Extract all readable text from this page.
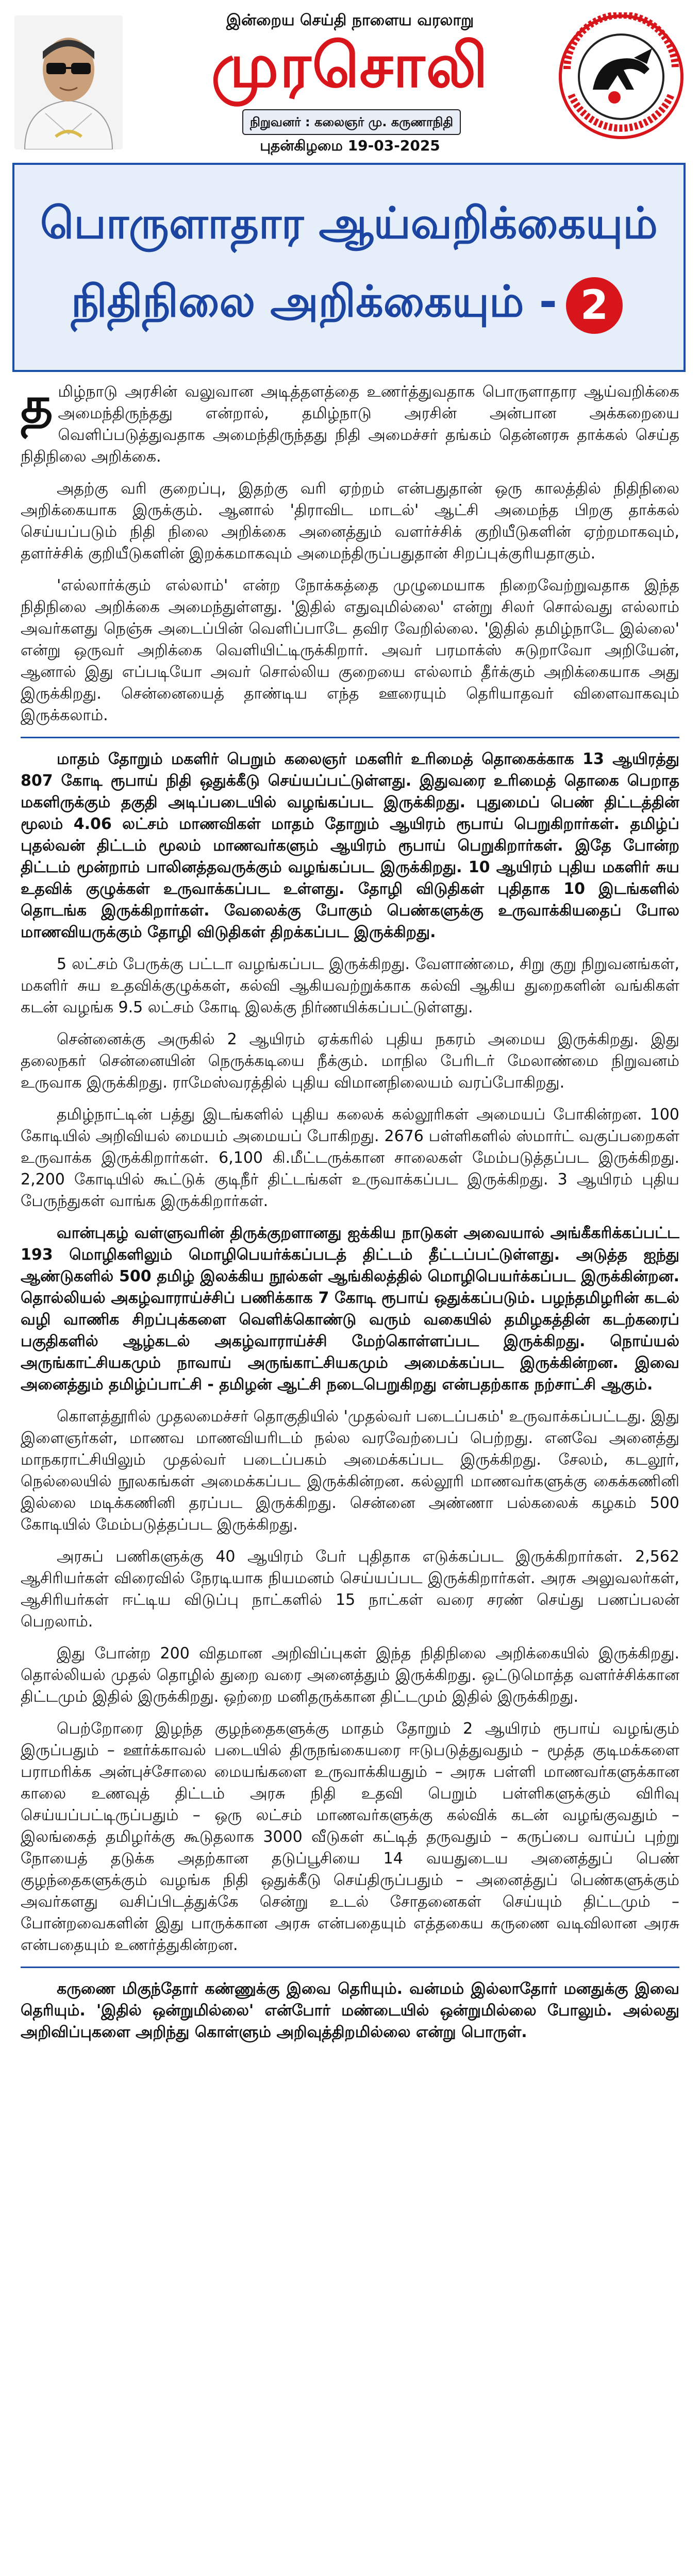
இன்றைய செய்தி நாளைய வரலாறு
முரசொலி
நிறுவனர் : கலைஞர் மு. கருணாநிதி
புதன்கிழமை 19-03-2025
பொருளாதார ஆய்வறிக்கையும்
நிதிநிலை அறிக்கையும் - 2

தமிழ்நாடு அரசின் வலுவான அடித்தளத்தை உணர்த்துவதாக பொருளாதார ஆய்வறிக்கை அமைந்திருந்தது என்றால், தமிழ்நாடு அரசின் அன்பான அக்கறையை வெளிப்படுத்துவதாக அமைந்திருந்தது நிதி அமைச்சர் தங்கம் தென்னரசு தாக்கல் செய்த நிதிநிலை அறிக்கை.

அதற்கு வரி குறைப்பு, இதற்கு வரி ஏற்றம் என்பதுதான் ஒரு காலத்தில் நிதிநிலை அறிக்கையாக இருக்கும். ஆனால் 'திராவிட மாடல்' ஆட்சி அமைந்த பிறகு தாக்கல் செய்யப்படும் நிதி நிலை அறிக்கை அனைத்தும் வளர்ச்சிக் குறியீடுகளின் ஏற்றமாகவும், தளர்ச்சிக் குறியீடுகளின் இறக்கமாகவும் அமைந்திருப்பதுதான் சிறப்புக்குரியதாகும்.

'எல்லார்க்கும் எல்லாம்' என்ற நோக்கத்தை முழுமையாக நிறைவேற்றுவதாக இந்த நிதிநிலை அறிக்கை அமைந்துள்ளது. 'இதில் எதுவுமில்லை' என்று சிலர் சொல்வது எல்லாம் அவர்களது நெஞ்சு அடைப்பின் வெளிப்பாடே தவிர வேறில்லை. 'இதில் தமிழ்நாடே இல்லை' என்று ஒருவர் அறிக்கை வெளியிட்டிருக்கிறார். அவர் பரமாக்ஸ் சுடுறாவோ அறியேன், ஆனால் இது எப்படியோ அவர் சொல்லிய குறையை எல்லாம் தீர்க்கும் அறிக்கையாக அது இருக்கிறது. சென்னையைத் தாண்டிய எந்த ஊரையும் தெரியாதவர் விளைவாகவும் இருக்கலாம்.

மாதம் தோறும் மகளிர் பெறும் கலைஞர் மகளிர் உரிமைத் தொகைக்காக 13 ஆயிரத்து 807 கோடி ரூபாய் நிதி ஒதுக்கீடு செய்யப்பட்டுள்ளது. இதுவரை உரிமைத் தொகை பெறாத மகளிருக்கும் தகுதி அடிப்படையில் வழங்கப்பட இருக்கிறது. புதுமைப் பெண் திட்டத்தின் மூலம் 4.06 லட்சம் மாணவிகள் மாதம் தோறும் ஆயிரம் ரூபாய் பெறுகிறார்கள். தமிழ்ப் புதல்வன் திட்டம் மூலம் மாணவர்களும் ஆயிரம் ரூபாய் பெறுகிறார்கள். இதே போன்ற திட்டம் மூன்றாம் பாலினத்தவருக்கும் வழங்கப்பட இருக்கிறது. 10 ஆயிரம் புதிய மகளிர் சுய உதவிக் குழுக்கள் உருவாக்கப்பட உள்ளது. தோழி விடுதிகள் புதிதாக 10 இடங்களில் தொடங்க இருக்கிறார்கள். வேலைக்கு போகும் பெண்களுக்கு உருவாக்கியதைப் போல மாணவியருக்கும் தோழி விடுதிகள் திறக்கப்பட இருக்கிறது.

5 லட்சம் பேருக்கு பட்டா வழங்கப்பட இருக்கிறது. வேளாண்மை, சிறு குறு நிறுவனங்கள், மகளிர் சுய உதவிக்குழுக்கள், கல்வி ஆகியவற்றுக்காக கல்வி ஆகிய துறைகளின் வங்கிகள் கடன் வழங்க 9.5 லட்சம் கோடி இலக்கு நிர்ணயிக்கப்பட்டுள்ளது.

சென்னைக்கு அருகில் 2 ஆயிரம் ஏக்கரில் புதிய நகரம் அமைய இருக்கிறது. இது தலைநகர் சென்னையின் நெருக்கடியை நீக்கும். மாநில பேரிடர் மேலாண்மை நிறுவனம் உருவாக இருக்கிறது. ராமேஸ்வரத்தில் புதிய விமானநிலையம் வரப்போகிறது.

தமிழ்நாட்டின் பத்து இடங்களில் புதிய கலைக் கல்லூரிகள் அமையப் போகின்றன. 100 கோடியில் அறிவியல் மையம் அமையப் போகிறது. 2676 பள்ளிகளில் ஸ்மார்ட் வகுப்பறைகள் உருவாக்க இருக்கிறார்கள். 6,100 கி.மீட்டருக்கான சாலைகள் மேம்படுத்தப்பட இருக்கிறது. 2,200 கோடியில் கூட்டுக் குடிநீர் திட்டங்கள் உருவாக்கப்பட இருக்கிறது. 3 ஆயிரம் புதிய பேருந்துகள் வாங்க இருக்கிறார்கள்.

வான்புகழ் வள்ளுவரின் திருக்குறளானது ஐக்கிய நாடுகள் அவையால் அங்கீகரிக்கப்பட்ட 193 மொழிகளிலும் மொழிபெயர்க்கப்படத் திட்டம் தீட்டப்பட்டுள்ளது. அடுத்த ஐந்து ஆண்டுகளில் 500 தமிழ் இலக்கிய நூல்கள் ஆங்கிலத்தில் மொழிபெயர்க்கப்பட இருக்கின்றன. தொல்லியல் அகழ்வாராய்ச்சிப் பணிக்காக 7 கோடி ரூபாய் ஒதுக்கப்படும். பழந்தமிழரின் கடல் வழி வாணிக சிறப்புக்களை வெளிக்கொண்டு வரும் வகையில் தமிழகத்தின் கடற்கரைப் பகுதிகளில் ஆழ்கடல் அகழ்வாராய்ச்சி மேற்கொள்ளப்பட இருக்கிறது. நொய்யல் அருங்காட்சியகமும் நாவாய் அருங்காட்சியகமும் அமைக்கப்பட இருக்கின்றன. இவை அனைத்தும் தமிழ்ப்பாட்சி - தமிழன் ஆட்சி நடைபெறுகிறது என்பதற்காக நற்சாட்சி ஆகும்.

கொளத்தூரில் முதலமைச்சர் தொகுதியில் 'முதல்வர் படைப்பகம்' உருவாக்கப்பட்டது. இது இளைஞர்கள், மாணவ மாணவியரிடம் நல்ல வரவேற்பைப் பெற்றது. எனவே அனைத்து மாநகராட்சியிலும் முதல்வர் படைப்பகம் அமைக்கப்பட இருக்கிறது. சேலம், கடலூர், நெல்லையில் நூலகங்கள் அமைக்கப்பட இருக்கின்றன. கல்லூரி மாணவர்களுக்கு கைக்கணினி இல்லை மடிக்கணினி தரப்பட இருக்கிறது. சென்னை அண்ணா பல்கலைக் கழகம் 500 கோடியில் மேம்படுத்தப்பட இருக்கிறது.

அரசுப் பணிகளுக்கு 40 ஆயிரம் பேர் புதிதாக எடுக்கப்பட இருக்கிறார்கள். 2,562 ஆசிரியர்கள் விரைவில் நேரடியாக நியமனம் செய்யப்பட இருக்கிறார்கள். அரசு அலுவலர்கள், ஆசிரியர்கள் ஈட்டிய விடுப்பு நாட்களில் 15 நாட்கள் வரை சரண் செய்து பணப்பலன் பெறலாம்.

இது போன்ற 200 விதமான அறிவிப்புகள் இந்த நிதிநிலை அறிக்கையில் இருக்கிறது. தொல்லியல் முதல் தொழில் துறை வரை அனைத்தும் இருக்கிறது. ஒட்டுமொத்த வளர்ச்சிக்கான திட்டமும் இதில் இருக்கிறது. ஒற்றை மனிதருக்கான திட்டமும் இதில் இருக்கிறது.

பெற்றோரை இழந்த குழந்தைகளுக்கு மாதம் தோறும் 2 ஆயிரம் ரூபாய் வழங்கும் இருப்பதும் – ஊர்க்காவல் படையில் திருநங்கையரை ஈடுபடுத்துவதும் – மூத்த குடிமக்களை பராமரிக்க அன்புச்சோலை மையங்களை உருவாக்கியதும் – அரசு பள்ளி மாணவர்களுக்கான காலை உணவுத் திட்டம் அரசு நிதி உதவி பெறும் பள்ளிகளுக்கும் விரிவு செய்யப்பட்டிருப்பதும் – ஒரு லட்சம் மாணவர்களுக்கு கல்விக் கடன் வழங்குவதும் – இலங்கைத் தமிழர்க்கு கூடுதலாக 3000 வீடுகள் கட்டித் தருவதும் – கருப்பை வாய்ப் புற்று நோயைத் தடுக்க அதற்கான தடுப்பூசியை 14 வயதுடைய அனைத்துப் பெண் குழந்தைகளுக்கும் வழங்க நிதி ஒதுக்கீடு செய்திருப்பதும் – அனைத்துப் பெண்களுக்கும் அவர்களது வசிப்பிடத்துக்கே சென்று உடல் சோதனைகள் செய்யும் திட்டமும் – போன்றவைகளின் இது பாருக்கான அரசு என்பதையும் எத்தகைய கருணை வடிவிலான அரசு என்பதையும் உணர்த்துகின்றன.

கருணை மிகுந்தோர் கண்ணுக்கு இவை தெரியும். வன்மம் இல்லாதோர் மனதுக்கு இவை தெரியும். 'இதில் ஒன்றுமில்லை' என்போர் மண்டையில் ஒன்றுமில்லை போலும். அல்லது அறிவிப்புகளை அறிந்து கொள்ளும் அறிவுத்திறமில்லை என்று பொருள்.
